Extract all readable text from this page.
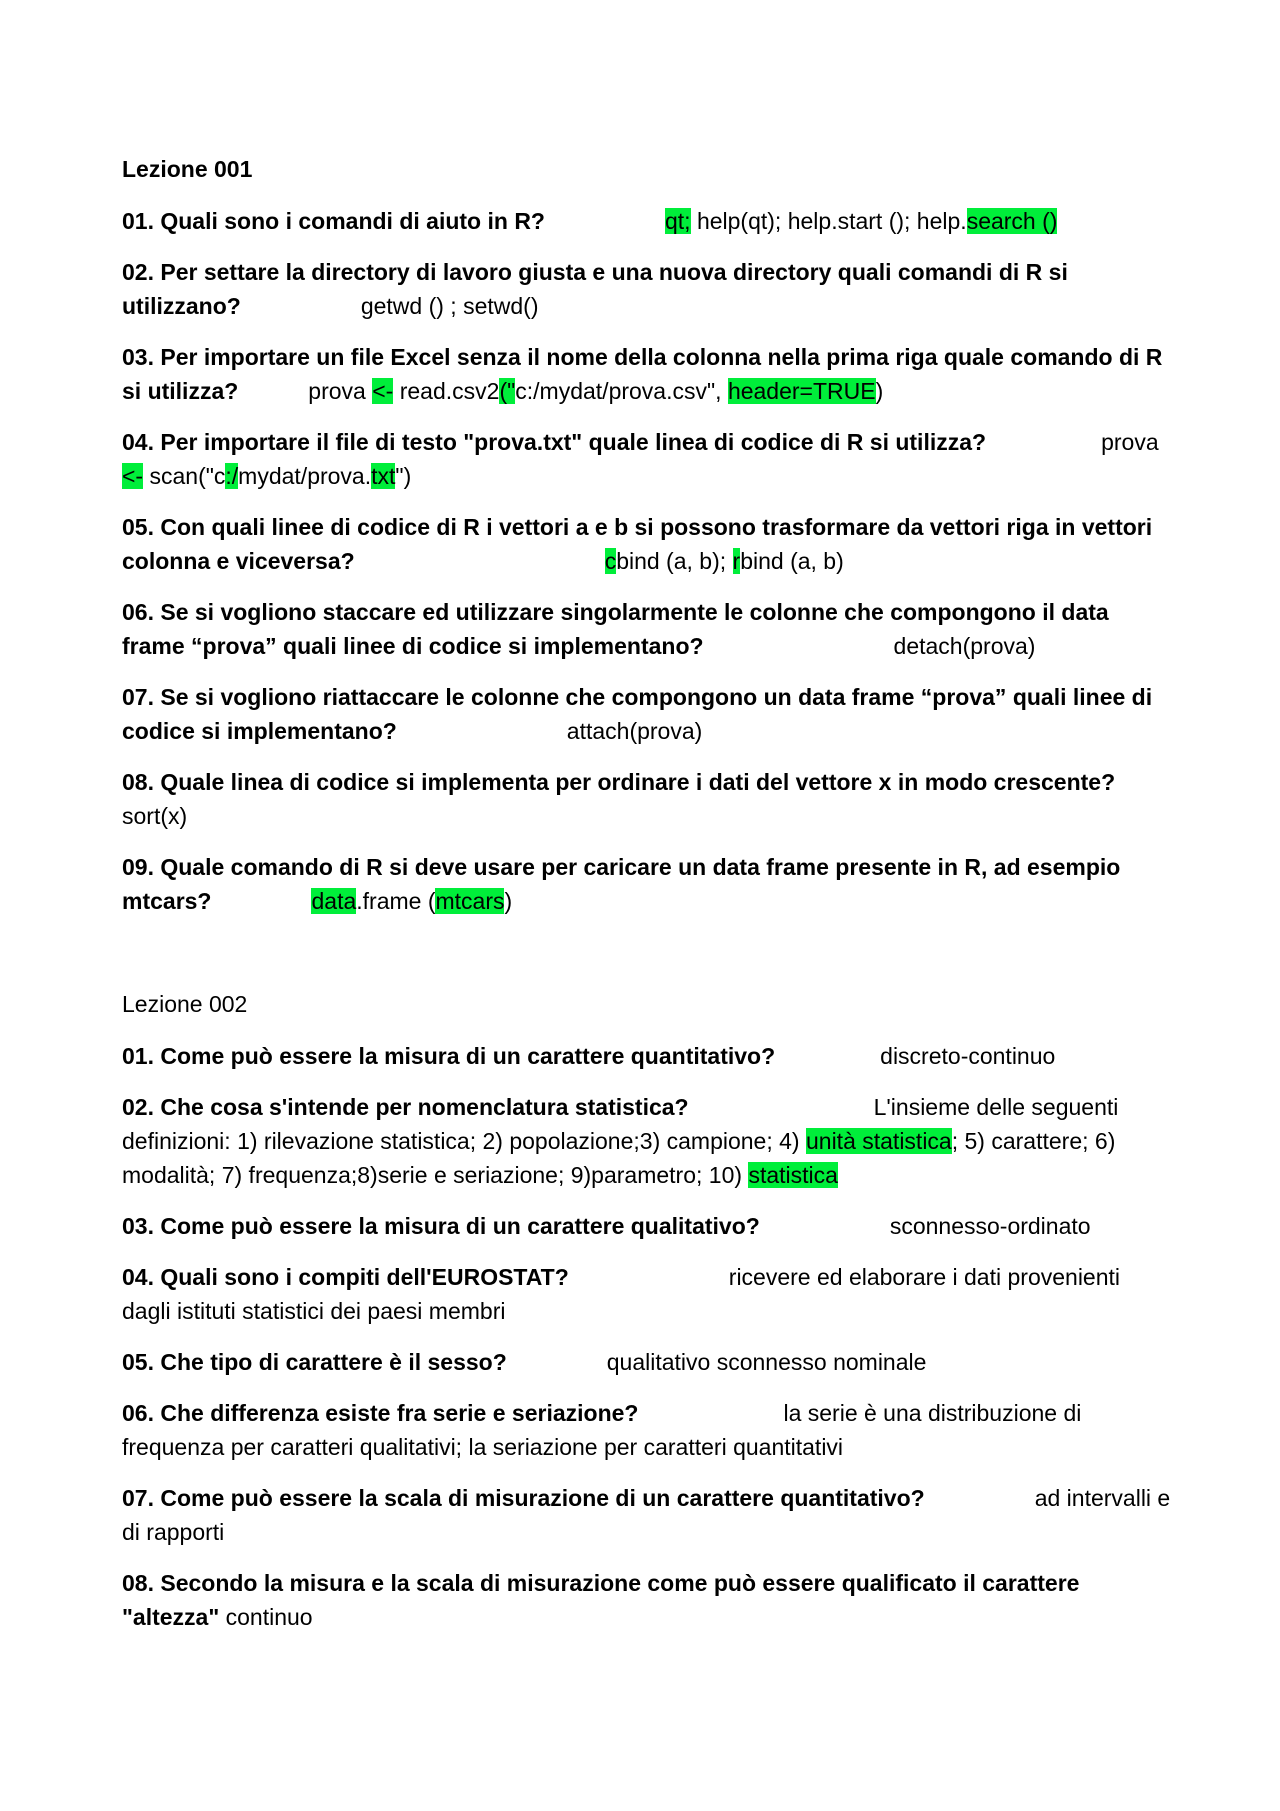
Lezione 001
01. Quali sono i comandi di aiuto in R?	qt; help(qt); help.start (); help.search ()
02. Per settare la directory di lavoro giusta e una nuova directory quali comandi di R si utilizzano?	getwd () ; setwd()
03. Per importare un file Excel senza il nome della colonna nella prima riga quale comando di R si utilizza?	prova <- read.csv2("c:/mydat/prova.csv", header=TRUE)
04. Per importare il file di testo "prova.txt" quale linea di codice di R si utilizza?	prova <- scan("c:/mydat/prova.txt")
05. Con quali linee di codice di R i vettori a e b si possono trasformare da vettori riga in vettori colonna e viceversa?	cbind (a, b); rbind (a, b)
06. Se si vogliono staccare ed utilizzare singolarmente le colonne che compongono il data frame “prova” quali linee di codice si implementano?	detach(prova)
07. Se si vogliono riattaccare le colonne che compongono un data frame “prova” quali linee di codice si implementano?	attach(prova)
08. Quale linea di codice si implementa per ordinare i dati del vettore x in modo crescente? sort(x)
09. Quale comando di R si deve usare per caricare un data frame presente in R, ad esempio mtcars?	data.frame (mtcars)
Lezione 002
01. Come può essere la misura di un carattere quantitativo?	discreto-continuo
02. Che cosa s'intende per nomenclatura statistica?	L'insieme delle seguenti definizioni: 1) rilevazione statistica; 2) popolazione;3) campione; 4) unità statistica; 5) carattere; 6) modalità; 7) frequenza;8)serie e seriazione; 9)parametro; 10) statistica
03. Come può essere la misura di un carattere qualitativo?	sconnesso-ordinato
04. Quali sono i compiti dell'EUROSTAT?	ricevere ed elaborare i dati provenienti dagli istituti statistici dei paesi membri
05. Che tipo di carattere è il sesso?	qualitativo sconnesso nominale
06. Che differenza esiste fra serie e seriazione?	la serie è una distribuzione di frequenza per caratteri qualitativi; la seriazione per caratteri quantitativi
07. Come può essere la scala di misurazione di un carattere quantitativo?	ad intervalli e di rapporti
08. Secondo la misura e la scala di misurazione come può essere qualificato il carattere "altezza" continuo
